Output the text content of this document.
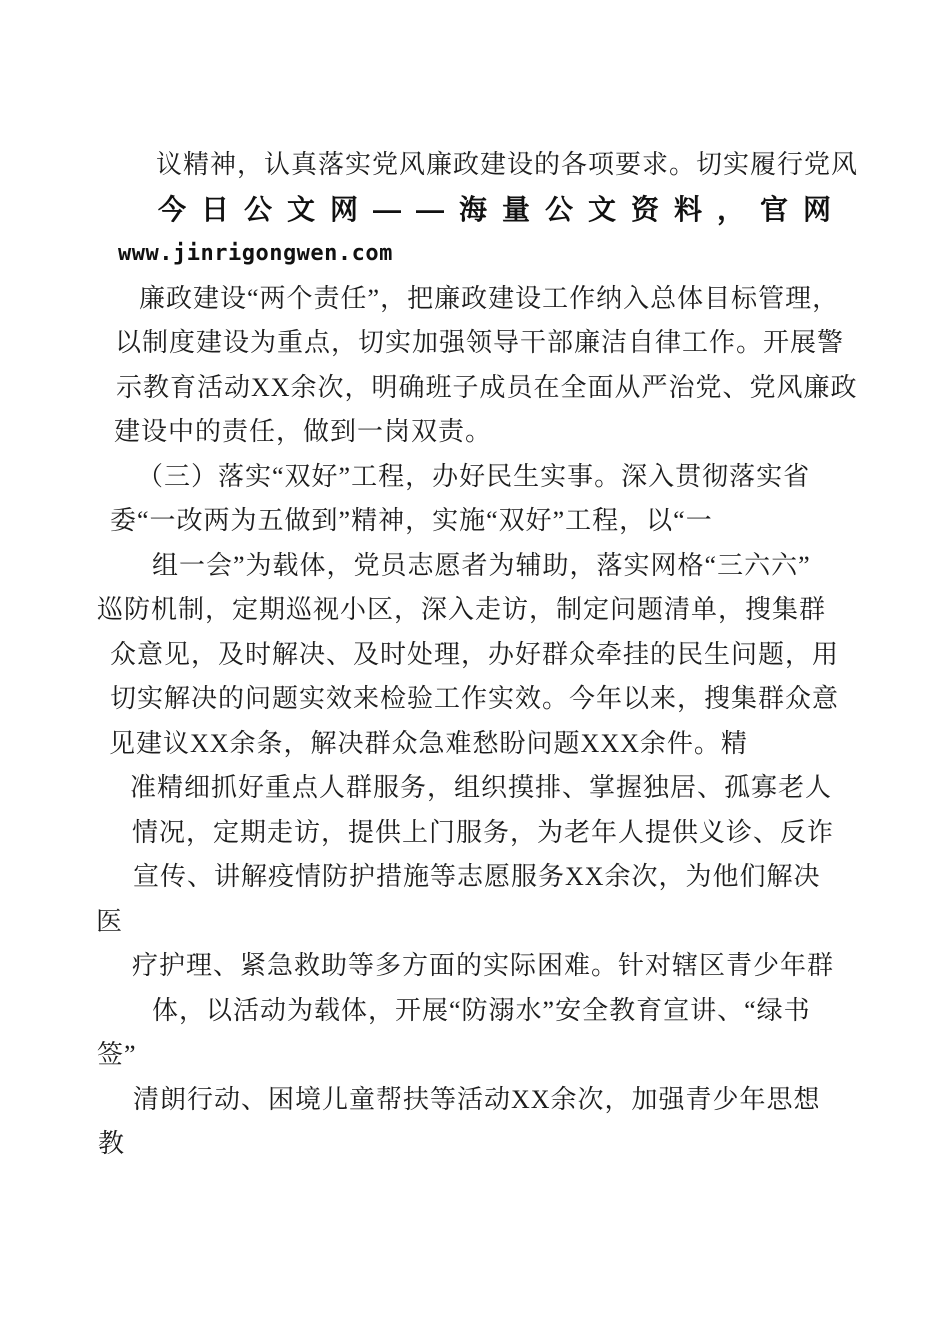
议精神，认真落实党风廉政建设的各项要求。切实履行党风
今日公文网——海量公文资料，官网
www.jinrigongwen.com
廉政建设“两个责任”，把廉政建设工作纳入总体目标管理，
以制度建设为重点，切实加强领导干部廉洁自律工作。开展警
示教育活动XX余次，明确班子成员在全面从严治党、党风廉政
建设中的责任，做到一岗双责。
（三）落实“双好”工程，办好民生实事。深入贯彻落实省
委“一改两为五做到”精神，实施“双好”工程，以“一
组一会”为载体，党员志愿者为辅助，落实网格“三六六”
巡防机制，定期巡视小区，深入走访，制定问题清单，搜集群
众意见，及时解决、及时处理，办好群众牵挂的民生问题，用
切实解决的问题实效来检验工作实效。今年以来，搜集群众意
见建议XX余条，解决群众急难愁盼问题XXX余件。精
准精细抓好重点人群服务，组织摸排、掌握独居、孤寡老人
情况，定期走访，提供上门服务，为老年人提供义诊、反诈
宣传、讲解疫情防护措施等志愿服务XX余次，为他们解决
医
疗护理、紧急救助等多方面的实际困难。针对辖区青少年群
体，以活动为载体，开展“防溺水”安全教育宣讲、“绿书
签”
清朗行动、困境儿童帮扶等活动XX余次，加强青少年思想
教
